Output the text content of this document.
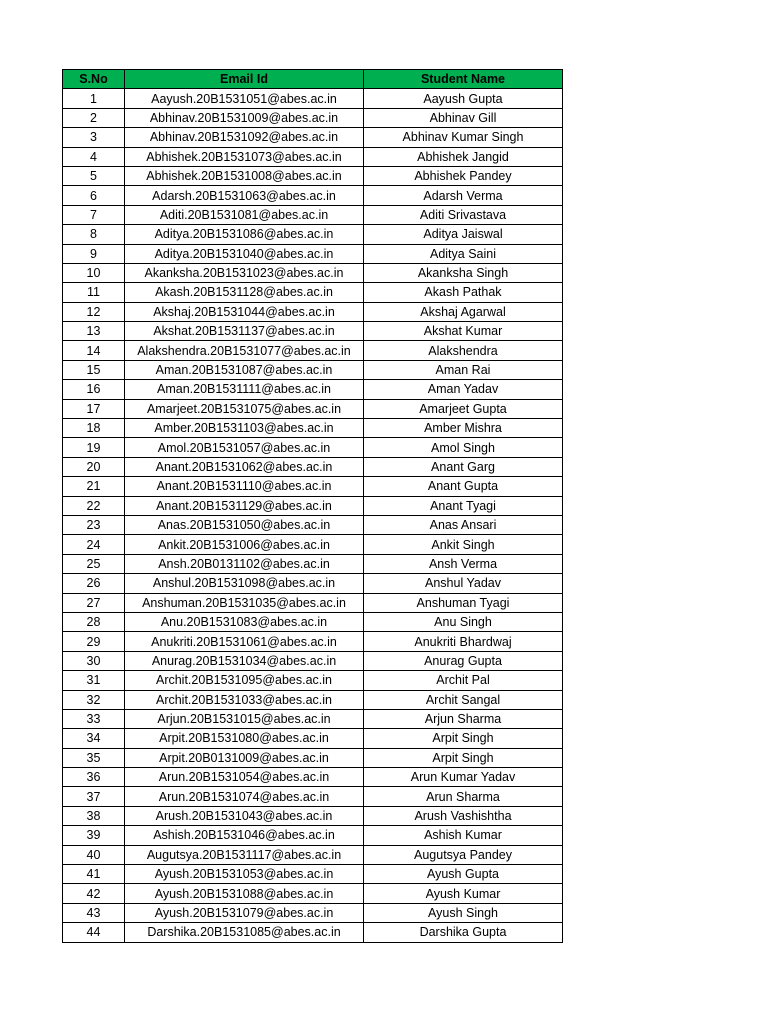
S.No	Email Id	Student Name
1	Aayush.20B1531051@abes.ac.in	Aayush Gupta
2	Abhinav.20B1531009@abes.ac.in	Abhinav Gill
3	Abhinav.20B1531092@abes.ac.in	Abhinav Kumar Singh
4	Abhishek.20B1531073@abes.ac.in	Abhishek Jangid
5	Abhishek.20B1531008@abes.ac.in	Abhishek Pandey
6	Adarsh.20B1531063@abes.ac.in	Adarsh Verma
7	Aditi.20B1531081@abes.ac.in	Aditi Srivastava
8	Aditya.20B1531086@abes.ac.in	Aditya Jaiswal
9	Aditya.20B1531040@abes.ac.in	Aditya Saini
10	Akanksha.20B1531023@abes.ac.in	Akanksha Singh
11	Akash.20B1531128@abes.ac.in	Akash Pathak
12	Akshaj.20B1531044@abes.ac.in	Akshaj Agarwal
13	Akshat.20B1531137@abes.ac.in	Akshat Kumar
14	Alakshendra.20B1531077@abes.ac.in	Alakshendra
15	Aman.20B1531087@abes.ac.in	Aman Rai
16	Aman.20B1531111@abes.ac.in	Aman Yadav
17	Amarjeet.20B1531075@abes.ac.in	Amarjeet Gupta
18	Amber.20B1531103@abes.ac.in	Amber Mishra
19	Amol.20B1531057@abes.ac.in	Amol Singh
20	Anant.20B1531062@abes.ac.in	Anant Garg
21	Anant.20B1531110@abes.ac.in	Anant Gupta
22	Anant.20B1531129@abes.ac.in	Anant Tyagi
23	Anas.20B1531050@abes.ac.in	Anas Ansari
24	Ankit.20B1531006@abes.ac.in	Ankit Singh
25	Ansh.20B0131102@abes.ac.in	Ansh Verma
26	Anshul.20B1531098@abes.ac.in	Anshul Yadav
27	Anshuman.20B1531035@abes.ac.in	Anshuman Tyagi
28	Anu.20B1531083@abes.ac.in	Anu Singh
29	Anukriti.20B1531061@abes.ac.in	Anukriti Bhardwaj
30	Anurag.20B1531034@abes.ac.in	Anurag Gupta
31	Archit.20B1531095@abes.ac.in	Archit Pal
32	Archit.20B1531033@abes.ac.in	Archit Sangal
33	Arjun.20B1531015@abes.ac.in	Arjun Sharma
34	Arpit.20B1531080@abes.ac.in	Arpit Singh
35	Arpit.20B0131009@abes.ac.in	Arpit Singh
36	Arun.20B1531054@abes.ac.in	Arun Kumar Yadav
37	Arun.20B1531074@abes.ac.in	Arun Sharma
38	Arush.20B1531043@abes.ac.in	Arush Vashishtha
39	Ashish.20B1531046@abes.ac.in	Ashish Kumar
40	Augutsya.20B1531117@abes.ac.in	Augutsya Pandey
41	Ayush.20B1531053@abes.ac.in	Ayush Gupta
42	Ayush.20B1531088@abes.ac.in	Ayush Kumar
43	Ayush.20B1531079@abes.ac.in	Ayush Singh
44	Darshika.20B1531085@abes.ac.in	Darshika Gupta
